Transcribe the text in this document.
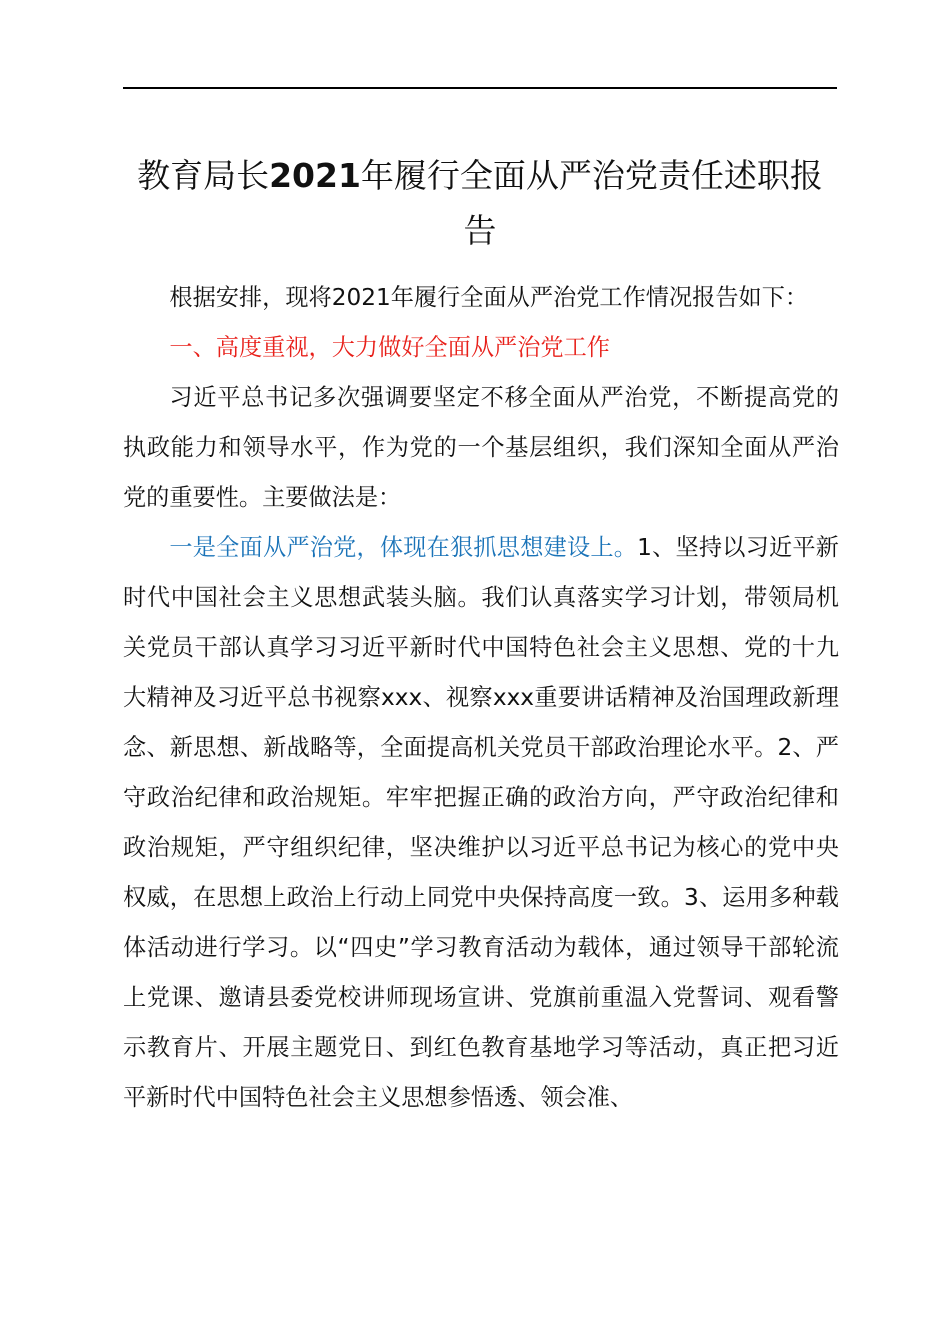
教育局长2021年履行全面从严治党责任述职报告

根据安排，现将2021年履行全面从严治党工作情况报告如下：

一、高度重视，大力做好全面从严治党工作

习近平总书记多次强调要坚定不移全面从严治党，不断提高党的执政能力和领导水平，作为党的一个基层组织，我们深知全面从严治党的重要性。主要做法是：

一是全面从严治党，体现在狠抓思想建设上。1、坚持以习近平新时代中国社会主义思想武装头脑。我们认真落实学习计划，带领局机关党员干部认真学习习近平新时代中国特色社会主义思想、党的十九大精神及习近平总书视察xxx、视察xxx重要讲话精神及治国理政新理念、新思想、新战略等，全面提高机关党员干部政治理论水平。2、严守政治纪律和政治规矩。牢牢把握正确的政治方向，严守政治纪律和政治规矩，严守组织纪律，坚决维护以习近平总书记为核心的党中央权威，在思想上政治上行动上同党中央保持高度一致。3、运用多种载体活动进行学习。以“四史”学习教育活动为载体，通过领导干部轮流上党课、邀请县委党校讲师现场宣讲、党旗前重温入党誓词、观看警示教育片、开展主题党日、到红色教育基地学习等活动，真正把习近平新时代中国特色社会主义思想参悟透、领会准、
